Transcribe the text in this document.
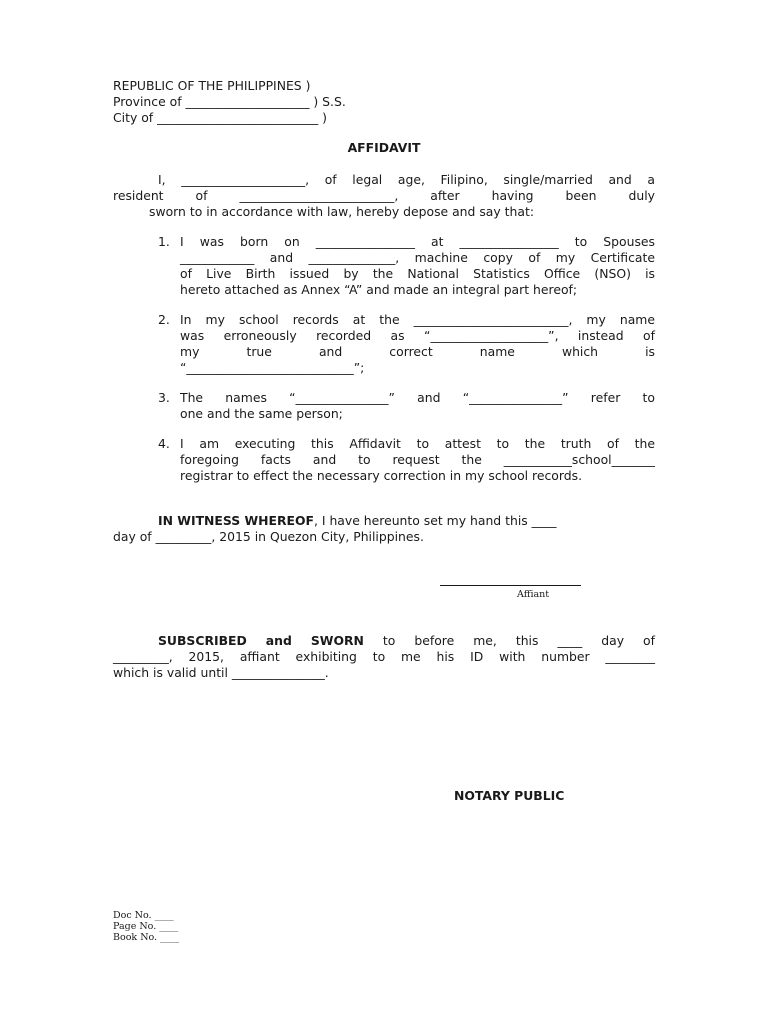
REPUBLIC OF THE PHILIPPINES )
Province of ____________________ ) S.S.
City of __________________________ )
AFFIDAVIT
I, ____________________, of legal age, Filipino, single/married and a
resident of _________________________, after having been duly
sworn to in accordance with law, hereby depose and say that:
1. I was born on ________________ at ________________ to Spouses
____________ and ______________, machine copy of my Certificate
of Live Birth issued by the National Statistics Office (NSO) is
hereto attached as Annex “A” and made an integral part hereof;
2. In my school records at the _________________________, my name
was erroneously recorded as “___________________”, instead of
my true and correct name which is
“___________________________”;
3. The names “_______________” and “_______________” refer to
one and the same person;
4. I am executing this Affidavit to attest to the truth of the
foregoing facts and to request the ___________school_______
registrar to effect the necessary correction in my school records.
IN WITNESS WHEREOF, I have hereunto set my hand this ____
day of _________, 2015 in Quezon City, Philippines.
Affiant
SUBSCRIBED and SWORN to before me, this ____ day of
_________, 2015, affiant exhibiting to me his ID with number ________
which is valid until _______________.
NOTARY PUBLIC
Doc No. ____
Page No. ____
Book No. ____
